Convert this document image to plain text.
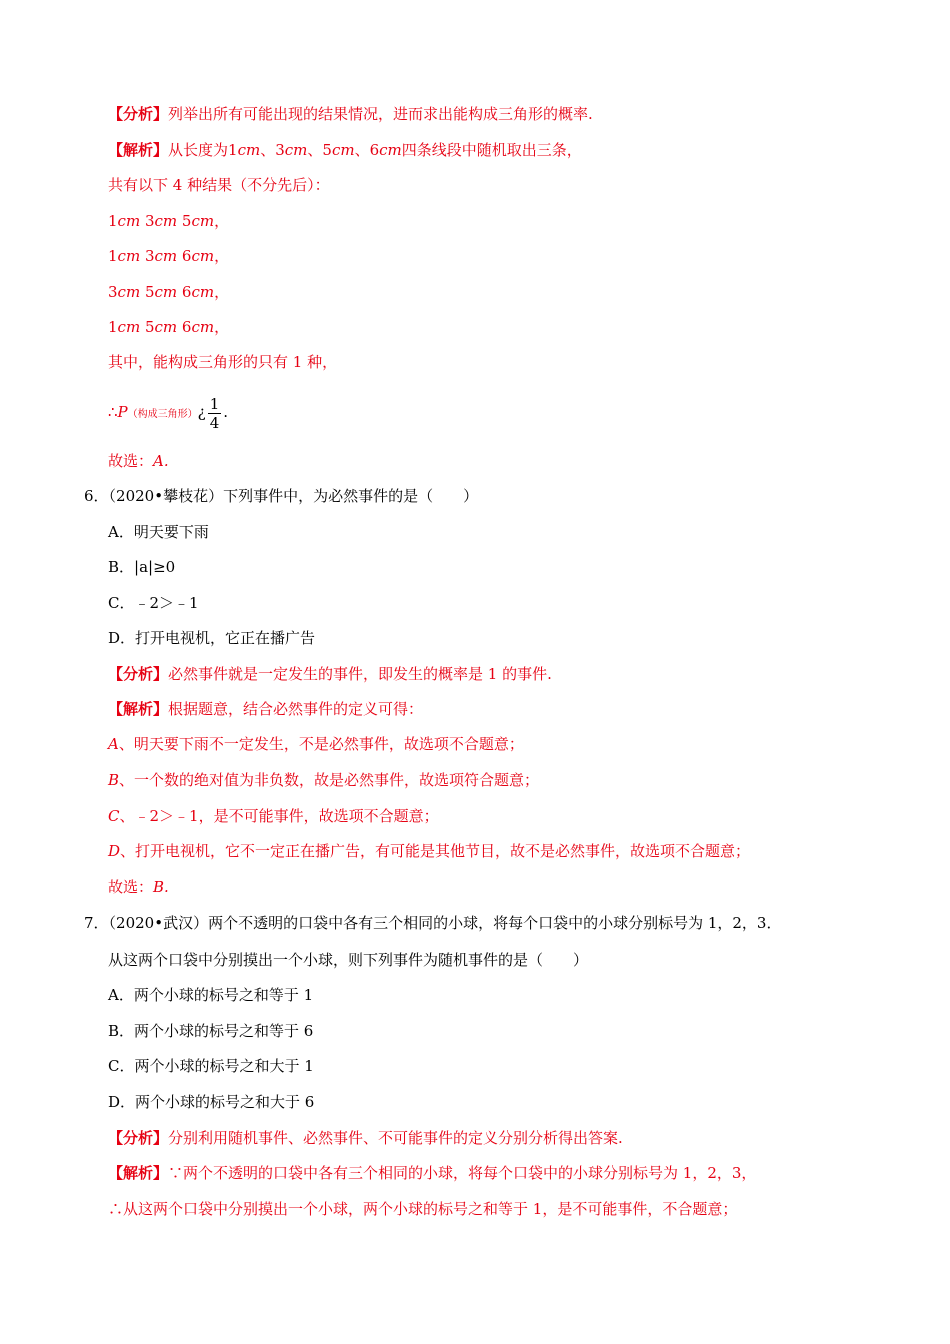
【分析】列举出所有可能出现的结果情况，进而求出能构成三角形的概率.
【解析】从长度为1cm、3cm、5cm、6cm四条线段中随机取出三条，
共有以下 4 种结果（不分先后）：
1cm 3cm 5cm，
1cm 3cm 6cm，
3cm 5cm 6cm，
1cm 5cm 6cm，
其中，能构成三角形的只有 1 种，
∴P（构成三角形）¿ $\frac{1}{4}$ .
故选：A.
6．（2020•攀枝花）下列事件中，为必然事件的是（　　）
A．明天要下雨
B．|a|≥0
C．﹣2＞﹣1
D．打开电视机，它正在播广告
【分析】必然事件就是一定发生的事件，即发生的概率是 1 的事件.
【解析】根据题意，结合必然事件的定义可得：
A、明天要下雨不一定发生，不是必然事件，故选项不合题意；
B、一个数的绝对值为非负数，故是必然事件，故选项符合题意；
C、﹣2＞﹣1，是不可能事件，故选项不合题意；
D、打开电视机，它不一定正在播广告，有可能是其他节目，故不是必然事件，故选项不合题意；
故选：B.
7．（2020•武汉）两个不透明的口袋中各有三个相同的小球，将每个口袋中的小球分别标号为 1，2，3．
从这两个口袋中分别摸出一个小球，则下列事件为随机事件的是（　　）
A．两个小球的标号之和等于 1
B．两个小球的标号之和等于 6
C．两个小球的标号之和大于 1
D．两个小球的标号之和大于 6
【分析】分别利用随机事件、必然事件、不可能事件的定义分别分析得出答案.
【解析】∵两个不透明的口袋中各有三个相同的小球，将每个口袋中的小球分别标号为 1，2，3，
∴从这两个口袋中分别摸出一个小球，两个小球的标号之和等于 1，是不可能事件，不合题意；
